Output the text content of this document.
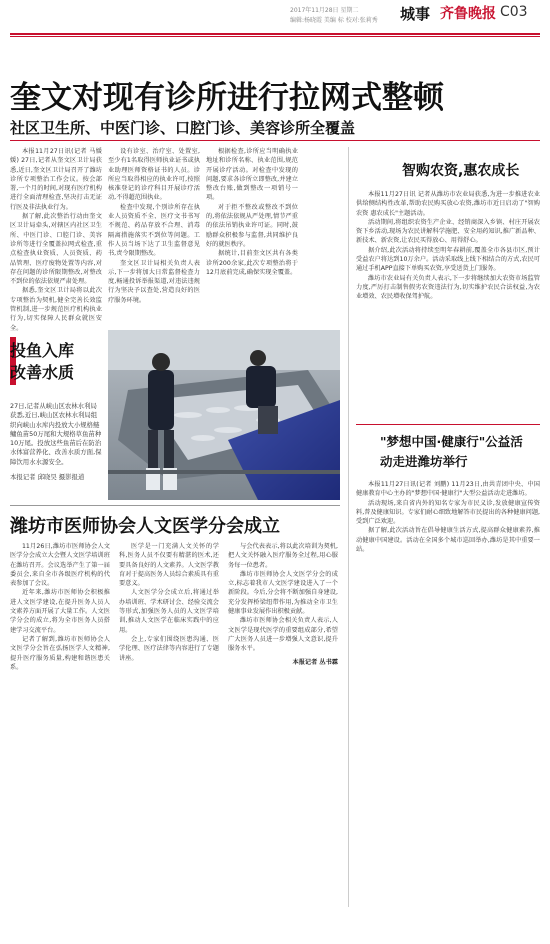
2017年11月28日 星期二
编辑:杨晓霞 美编 标 校对:张莉秀 城事 齐鲁晚报 C03
奎文对现有诊所进行拉网式整顿
社区卫生所、中医门诊、口腔门诊、美容诊所全覆盖

本报11月27日讯(记者 马媛媛) 27日,记者从奎文区卫计局获悉,近日,奎文区卫计局召开了潍坊诊所专项整治工作会议。按会部署,一个月的时间,对现有医疗机构进行全面清理检查,坚决打击无证行医及非法执业行为。

据了解,此次整治行动由奎文区卫计局牵头,对辖区内社区卫生所、中医门诊、口腔门诊、美容诊所等进行全覆盖拉网式检查,重点检查执业资质、人员资质、药品管理、医疗废物处置等内容,对存在问题的诊所限期整改,对整改不到位的依法依规严肃处理。

据悉,奎文区卫计局将以此次专项整治为契机,健全完善长效监管机制,进一步规范医疗机构执业行为,切实保障人民群众就医安全。

设有诊室、治疗室、处置室,至少有1名取得医师执业证书或执业助理医师资格证书的人员。诊所应当取得相应的执业许可,按照核准登记的诊疗科目开展诊疗活动,不得超范围执业。

检查中发现,个别诊所存在执业人员资质不全、医疗文书书写不规范、药品存放不合理、消毒隔离措施落实不到位等问题。工作人员当场下达了卫生监督意见书,责令限期整改。

奎文区卫计局相关负责人表示,下一步将加大日常监督检查力度,畅通投诉举报渠道,对违法违规行为坚决予以查处,营造良好的医疗服务环境。

根据检查,诊所应当明确执业地址和诊所名称、执业范围,规范开展诊疗活动。对检查中发现的问题,要求各诊所立即整改,并建立整改台账,做到整改一项销号一项。

对于拒不整改或整改不到位的,将依法依规从严处理,情节严重的依法吊销执业许可证。同时,鼓励群众积极参与监督,共同维护良好的就医秩序。

据统计,目前奎文区共有各类诊所200余家,此次专项整治将于12月底前完成,确保实现全覆盖。

智购农资,惠农成长

本报11月27日讯 记者从潍坊市农业局获悉,为进一步推进农业供给侧结构性改革,帮助农民购买放心农资,潍坊市近日启动了"智购农资 惠农成长"主题活动。

活动期间,将组织农资生产企业、经销商深入乡镇、村庄开展农资下乡活动,现场为农民讲解科学施肥、安全用药知识,推广新品种、新技术、新农资,让农民买得放心、用得舒心。

据介绍,此次活动将持续至明年春耕前,覆盖全市各县市区,预计受益农户将达到10万余户。活动采取线上线下相结合的方式,农民可通过手机APP直接下单购买农资,享受送货上门服务。

潍坊市农业局有关负责人表示,下一步将继续加大农资市场监管力度,严厉打击制售假劣农资违法行为,切实维护农民合法权益,为农业增效、农民增收保驾护航。

"梦想中国·健康行"公益活动走进潍坊举行

本报11月27日讯(记者 刘鹏) 11月23日,由共青团中央、中国健康教育中心主办的"梦想中国·健康行"大型公益活动走进潍坊。

活动现场,来自省内外的知名专家为市民义诊,发放健康宣传资料,普及健康知识。专家们耐心细致地解答市民提出的各种健康问题,受到广泛欢迎。

据了解,此次活动旨在倡导健康生活方式,提高群众健康素养,推动健康中国建设。活动在全国多个城市巡回举办,潍坊是其中重要一站。

投鱼入库
改善水质
27日,记者从峡山区农林水利局获悉,近日,峡山区农林水利局组织向峡山水库内投放大小规格鲢鳙鱼苗50万尾和大规格草鱼苗种10万尾。投放这些鱼苗后在防治水体富营养化、改善水质方面,保障饮用水水源安全。
本报记者 邱晓昊 摄影报道
潍坊市医师协会人文医学分会成立

11月26日,潍坊市医师协会人文医学分会成立大会暨人文医学培训班在潍坊召开。会议选举产生了第一届委员会,来自全市各级医疗机构的代表参加了会议。

近年来,潍坊市医师协会积极推进人文医学建设,在提升医务人员人文素养方面开展了大量工作。人文医学分会的成立,将为全市医务人员搭建学习交流平台。

记者了解到,潍坊市医师协会人文医学分会旨在弘扬医学人文精神,提升医疗服务质量,构建和谐医患关系。

医学是一门充满人文关怀的学科,医务人员不仅要有精湛的医术,还要具备良好的人文素养。人文医学教育对于提高医务人员综合素质具有重要意义。

人文医学分会成立后,将通过举办培训班、学术研讨会、经验交流会等形式,加强医务人员的人文医学培训,推动人文医学在临床实践中的应用。

会上,专家们围绕医患沟通、医学伦理、医疗法律等内容进行了专题讲座。

与会代表表示,将以此次培训为契机,把人文关怀融入医疗服务全过程,用心服务每一位患者。

潍坊市医师协会人文医学分会的成立,标志着我市人文医学建设进入了一个新阶段。今后,分会将不断加强自身建设,充分发挥桥梁纽带作用,为推动全市卫生健康事业发展作出积极贡献。

潍坊市医师协会相关负责人表示,人文医学是现代医学的重要组成部分,希望广大医务人员进一步增强人文意识,提升服务水平。

本报记者 丛书霖
